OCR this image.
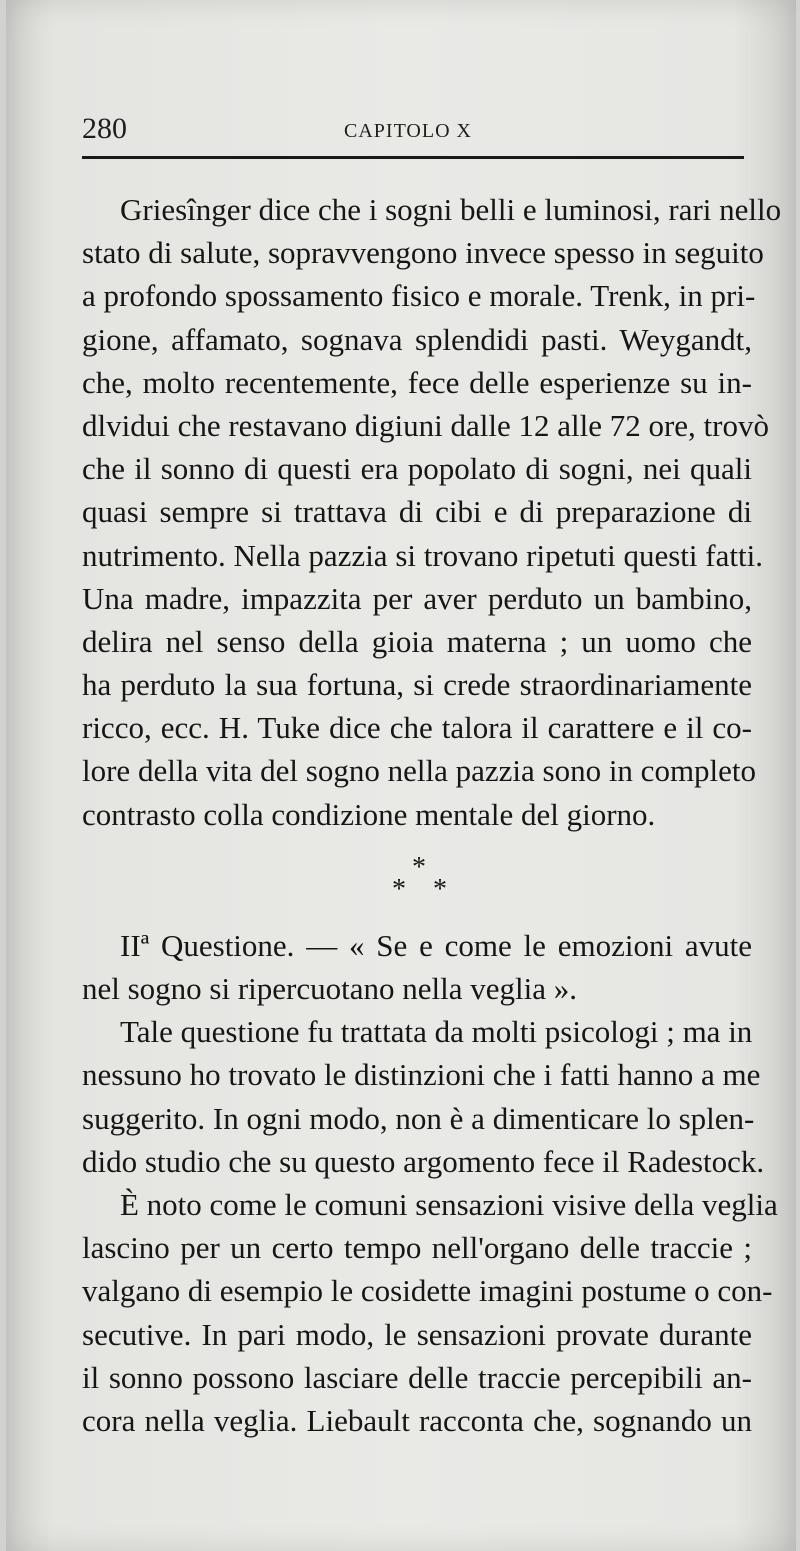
280	CAPITOLO X
Griesînger dice che i sogni belli e luminosi, rari nello
stato di salute, sopravvengono invece spesso in seguito
a profondo spossamento fisico e morale. Trenk, in pri-
gione, affamato, sognava splendidi pasti. Weygandt,
che, molto recentemente, fece delle esperienze su in-
dlvidui che restavano digiuni dalle 12 alle 72 ore, trovò
che il sonno di questi era popolato di sogni, nei quali
quasi sempre si trattava di cibi e di preparazione di
nutrimento. Nella pazzia si trovano ripetuti questi fatti.
Una madre, impazzita per aver perduto un bambino,
delira nel senso della gioia materna ; un uomo che
ha perduto la sua fortuna, si crede straordinariamente
ricco, ecc. H. Tuke dice che talora il carattere e il co-
lore della vita del sogno nella pazzia sono in completo
contrasto colla condizione mentale del giorno.
*
* *
IIª Questione. — « Se e come le emozioni avute
nel sogno si ripercuotano nella veglia ».
Tale questione fu trattata da molti psicologi ; ma in
nessuno ho trovato le distinzioni che i fatti hanno a me
suggerito. In ogni modo, non è a dimenticare lo splen-
dido studio che su questo argomento fece il Radestock.
È noto come le comuni sensazioni visive della veglia
lascino per un certo tempo nell'organo delle traccie ;
valgano di esempio le cosidette imagini postume o con-
secutive. In pari modo, le sensazioni provate durante
il sonno possono lasciare delle traccie percepibili an-
cora nella veglia. Liebault racconta che, sognando un
